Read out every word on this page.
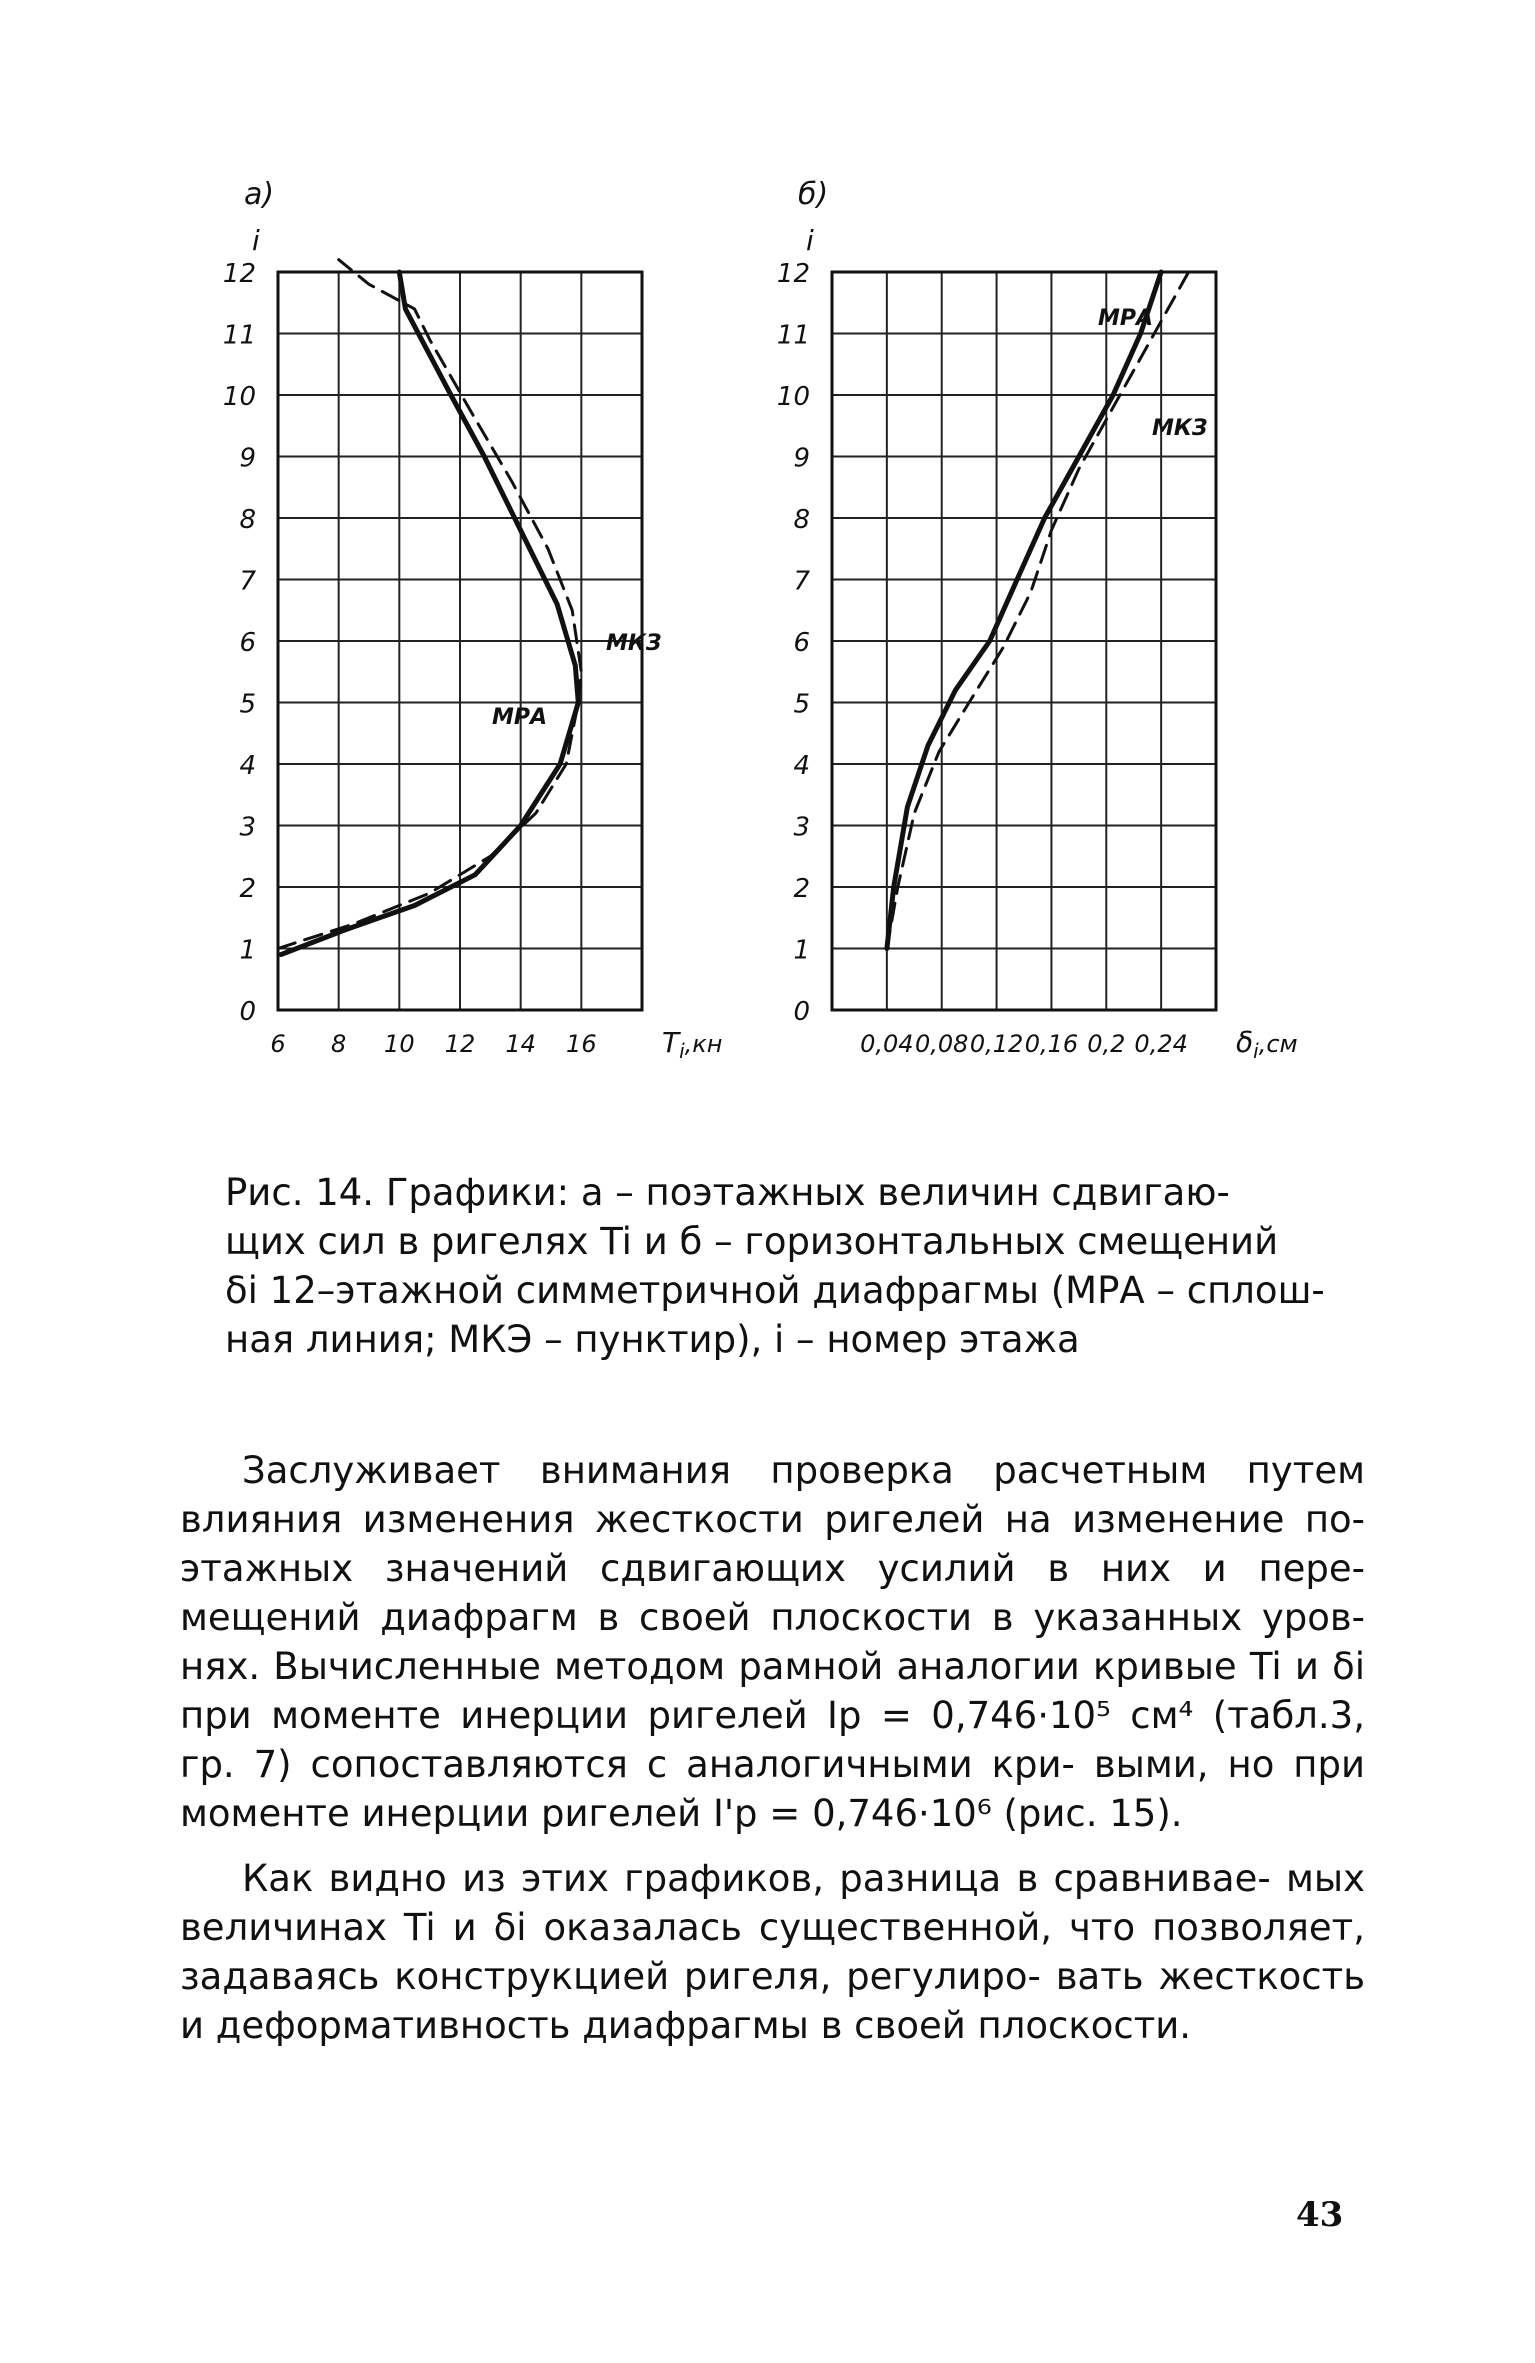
0
1
2
3
4
5
6
7
8
9
10
11
12
6 8 10 12 14 16
а)
i
$T_i,кн$
МРА
МКЗ
0
1
2
3
4
5
6
7
8
9
10
11
12
0,04 0,08 0,12 0,16 0,2 0,24
б)
i
$\delta_i,см$
МРА
МКЗ

Рис. 14. Графики: а – поэтажных величин сдвигаю-

щих сил в ригелях Ti и б – горизонтальных смещений

δi 12–этажной симметричной диафрагмы (МРА – сплош-

ная линия; МКЭ – пунктир), i – номер этажа

Заслуживает внимания проверка расчетным путем влияния изменения жесткости ригелей на изменение по- этажных значений сдвигающих усилий в них и пере- мещений диафрагм в своей плоскости в указанных уров- нях. Вычисленные методом рамной аналогии кривые Ti и δi при моменте инерции ригелей Ip = 0,746·10⁵ см⁴ (табл.3, гр. 7) сопоставляются с аналогичными кри- выми, но при моменте инерции ригелей I'p = 0,746·10⁶ (рис. 15).

Как видно из этих графиков, разница в сравнивае- мых величинах Ti и δi оказалась существенной, что позволяет, задаваясь конструкцией ригеля, регулиро- вать жесткость и деформативность диафрагмы в своей плоскости.

43
